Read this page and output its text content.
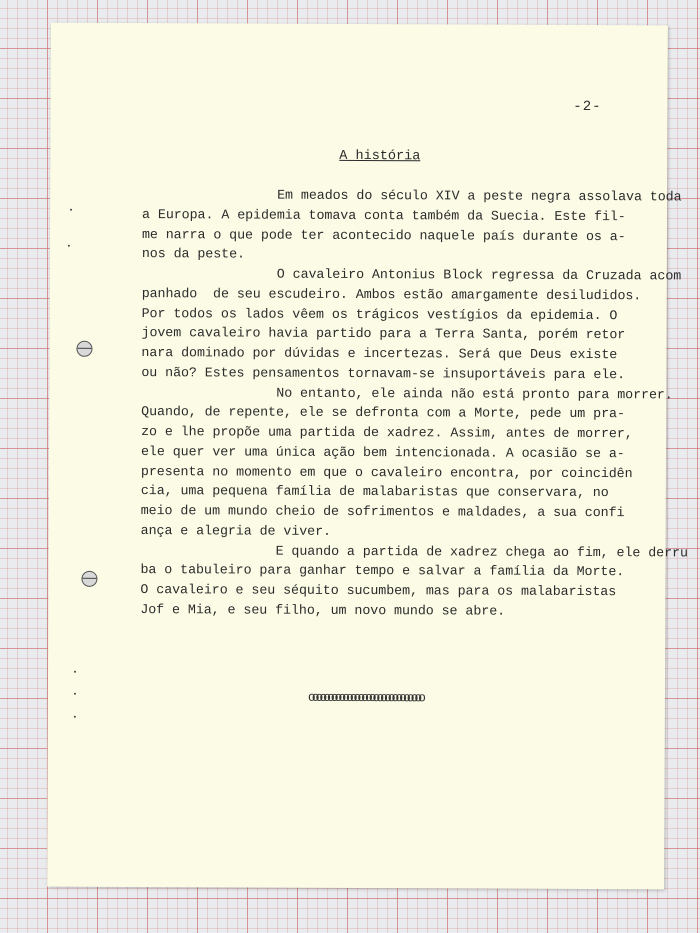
-2-
A história
Em meados do século XIV a peste negra assolava toda
a Europa. A epidemia tomava conta também da Suecia. Este fil-
me narra o que pode ter acontecido naquele país durante os a-
nos da peste.
O cavaleiro Antonius Block regressa da Cruzada acom
panhado  de seu escudeiro. Ambos estão amargamente desiludidos.
Por todos os lados vêem os trágicos vestígios da epidemia. O
jovem cavaleiro havia partido para a Terra Santa, porém retor
nara dominado por dúvidas e incertezas. Será que Deus existe
ou não? Estes pensamentos tornavam-se insuportáveis para ele.
No entanto, ele ainda não está pronto para morrer.
Quando, de repente, ele se defronta com a Morte, pede um pra-
zo e lhe propõe uma partida de xadrez. Assim, antes de morrer,
ele quer ver uma única ação bem intencionada. A ocasião se a-
presenta no momento em que o cavaleiro encontra, por coincidên
cia, uma pequena família de malabaristas que conservara, no
meio de um mundo cheio de sofrimentos e maldades, a sua confi
ança e alegria de viver.
E quando a partida de xadrez chega ao fim, ele derru
ba o tabuleiro para ganhar tempo e salvar a família da Morte.
O cavaleiro e seu séquito sucumbem, mas para os malabaristas
Jof e Mia, e seu filho, um novo mundo se abre.
oooooooooooooooooooooooooooooo
